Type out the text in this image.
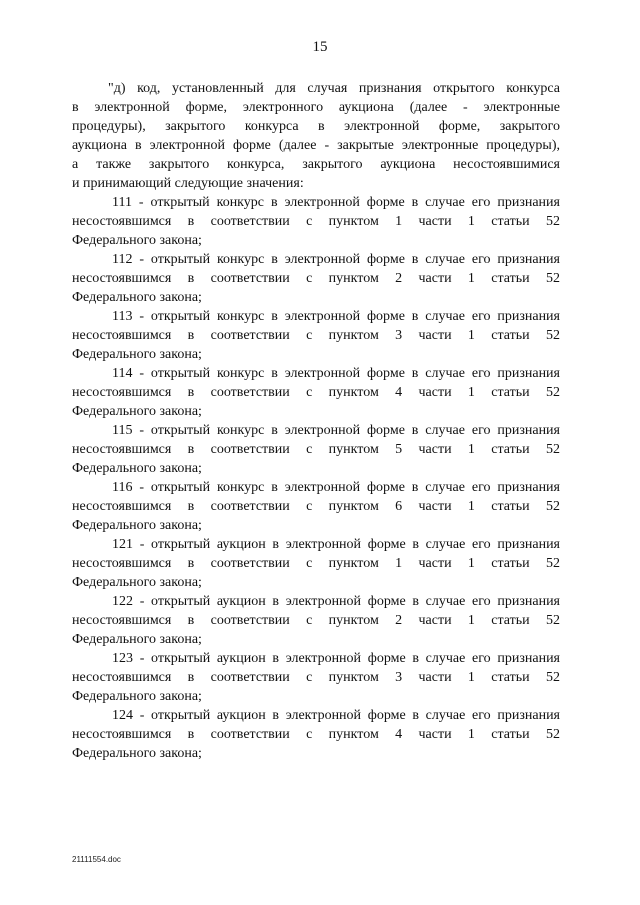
15
"д) код, установленный для случая признания открытого конкурса
в электронной форме, электронного аукциона (далее - электронные
процедуры), закрытого конкурса в электронной форме, закрытого
аукциона в электронной форме (далее - закрытые электронные процедуры),
а также закрытого конкурса, закрытого аукциона несостоявшимися
и принимающий следующие значения:
111 - открытый конкурс в электронной форме в случае его признания
несостоявшимся в соответствии с пунктом 1 части 1 статьи 52
Федерального закона;
112 - открытый конкурс в электронной форме в случае его признания
несостоявшимся в соответствии с пунктом 2 части 1 статьи 52
Федерального закона;
113 - открытый конкурс в электронной форме в случае его признания
несостоявшимся в соответствии с пунктом 3 части 1 статьи 52
Федерального закона;
114 - открытый конкурс в электронной форме в случае его признания
несостоявшимся в соответствии с пунктом 4 части 1 статьи 52
Федерального закона;
115 - открытый конкурс в электронной форме в случае его признания
несостоявшимся в соответствии с пунктом 5 части 1 статьи 52
Федерального закона;
116 - открытый конкурс в электронной форме в случае его признания
несостоявшимся в соответствии с пунктом 6 части 1 статьи 52
Федерального закона;
121 - открытый аукцион в электронной форме в случае его признания
несостоявшимся в соответствии с пунктом 1 части 1 статьи 52
Федерального закона;
122 - открытый аукцион в электронной форме в случае его признания
несостоявшимся в соответствии с пунктом 2 части 1 статьи 52
Федерального закона;
123 - открытый аукцион в электронной форме в случае его признания
несостоявшимся в соответствии с пунктом 3 части 1 статьи 52
Федерального закона;
124 - открытый аукцион в электронной форме в случае его признания
несостоявшимся в соответствии с пунктом 4 части 1 статьи 52
Федерального закона;
21111554.doc
